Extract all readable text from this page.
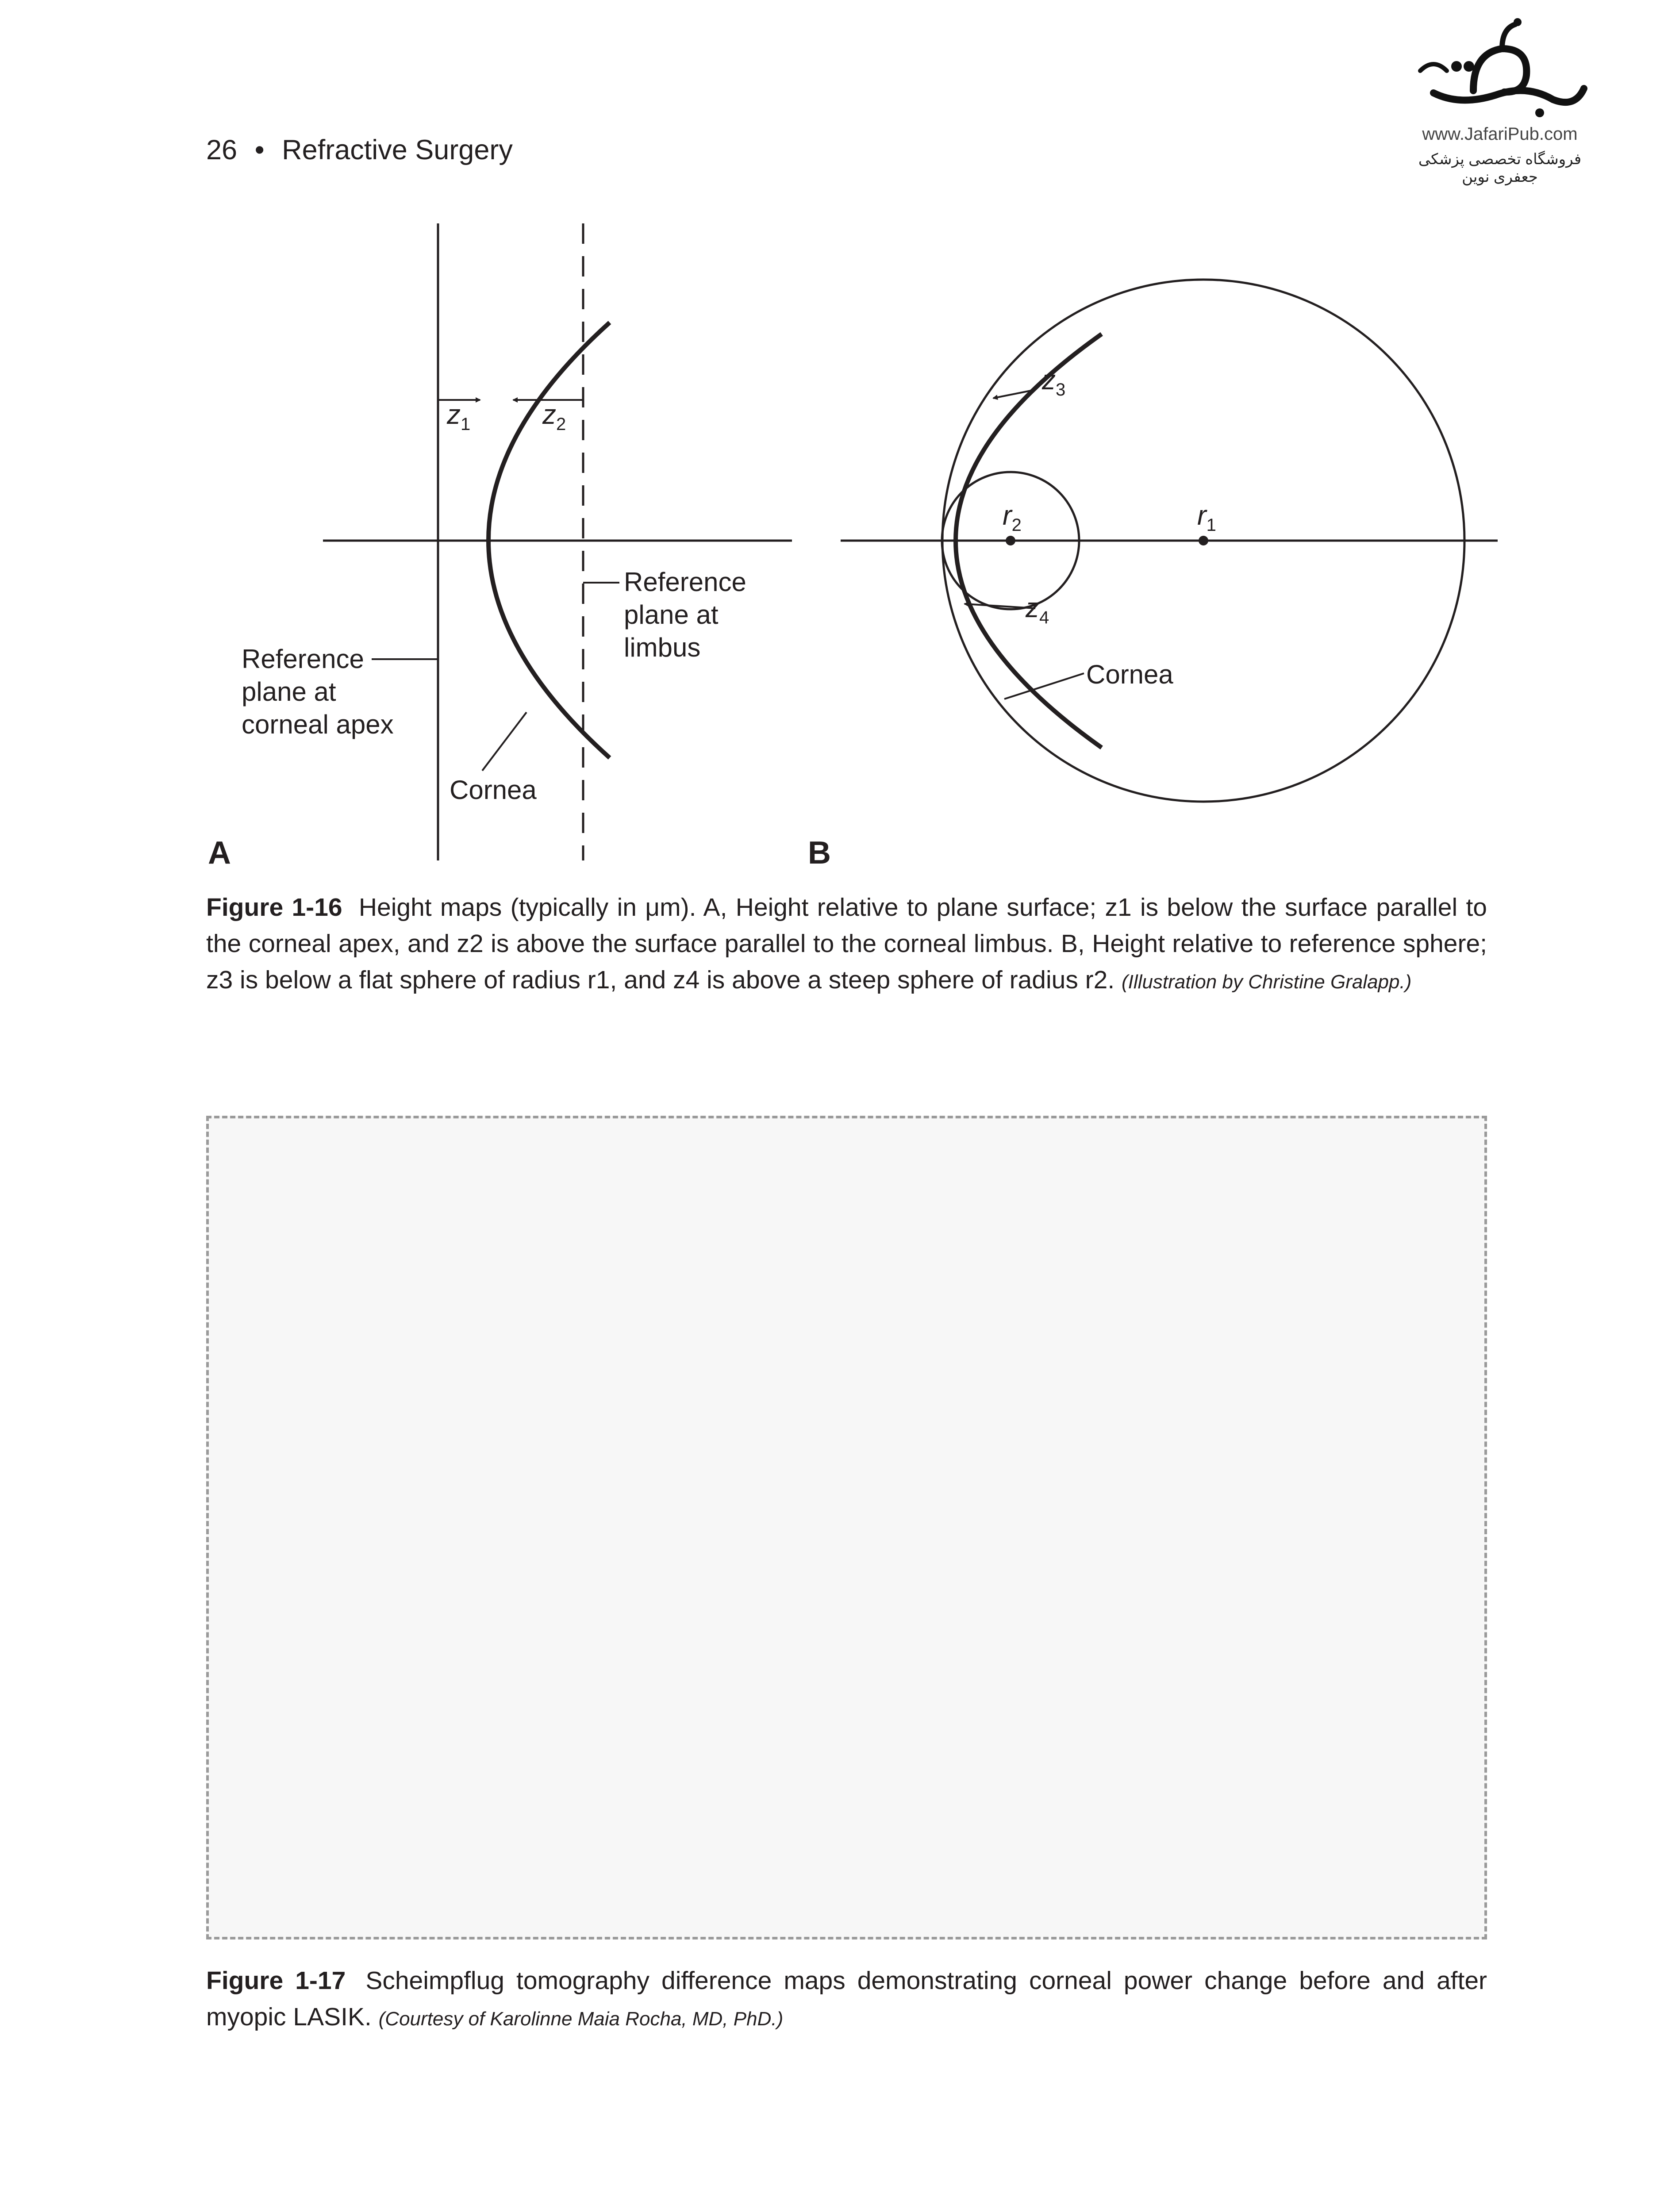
26 • Refractive Surgery
www.JafariPub.com
فروشگاه تخصصی پزشکی جعفری نوین
$z_1$	$z_2$
Reference plane at limbus
Reference plane at corneal apex
Cornea
A
$z_3$
$z_4$
$r_1$
$r_2$
Cornea
B
Figure 1-16 Height maps (typically in μm). A, Height relative to plane surface; z1 is below the surface parallel to the corneal apex, and z2 is above the surface parallel to the corneal limbus. B, Height relative to reference sphere; z3 is below a flat sphere of radius r1, and z4 is above a steep sphere of radius r2. (Illustration by Christine Gralapp.)
Figure 1-17 Scheimpflug tomography difference maps demonstrating corneal power change before and after myopic LASIK. (Courtesy of Karolinne Maia Rocha, MD, PhD.)
